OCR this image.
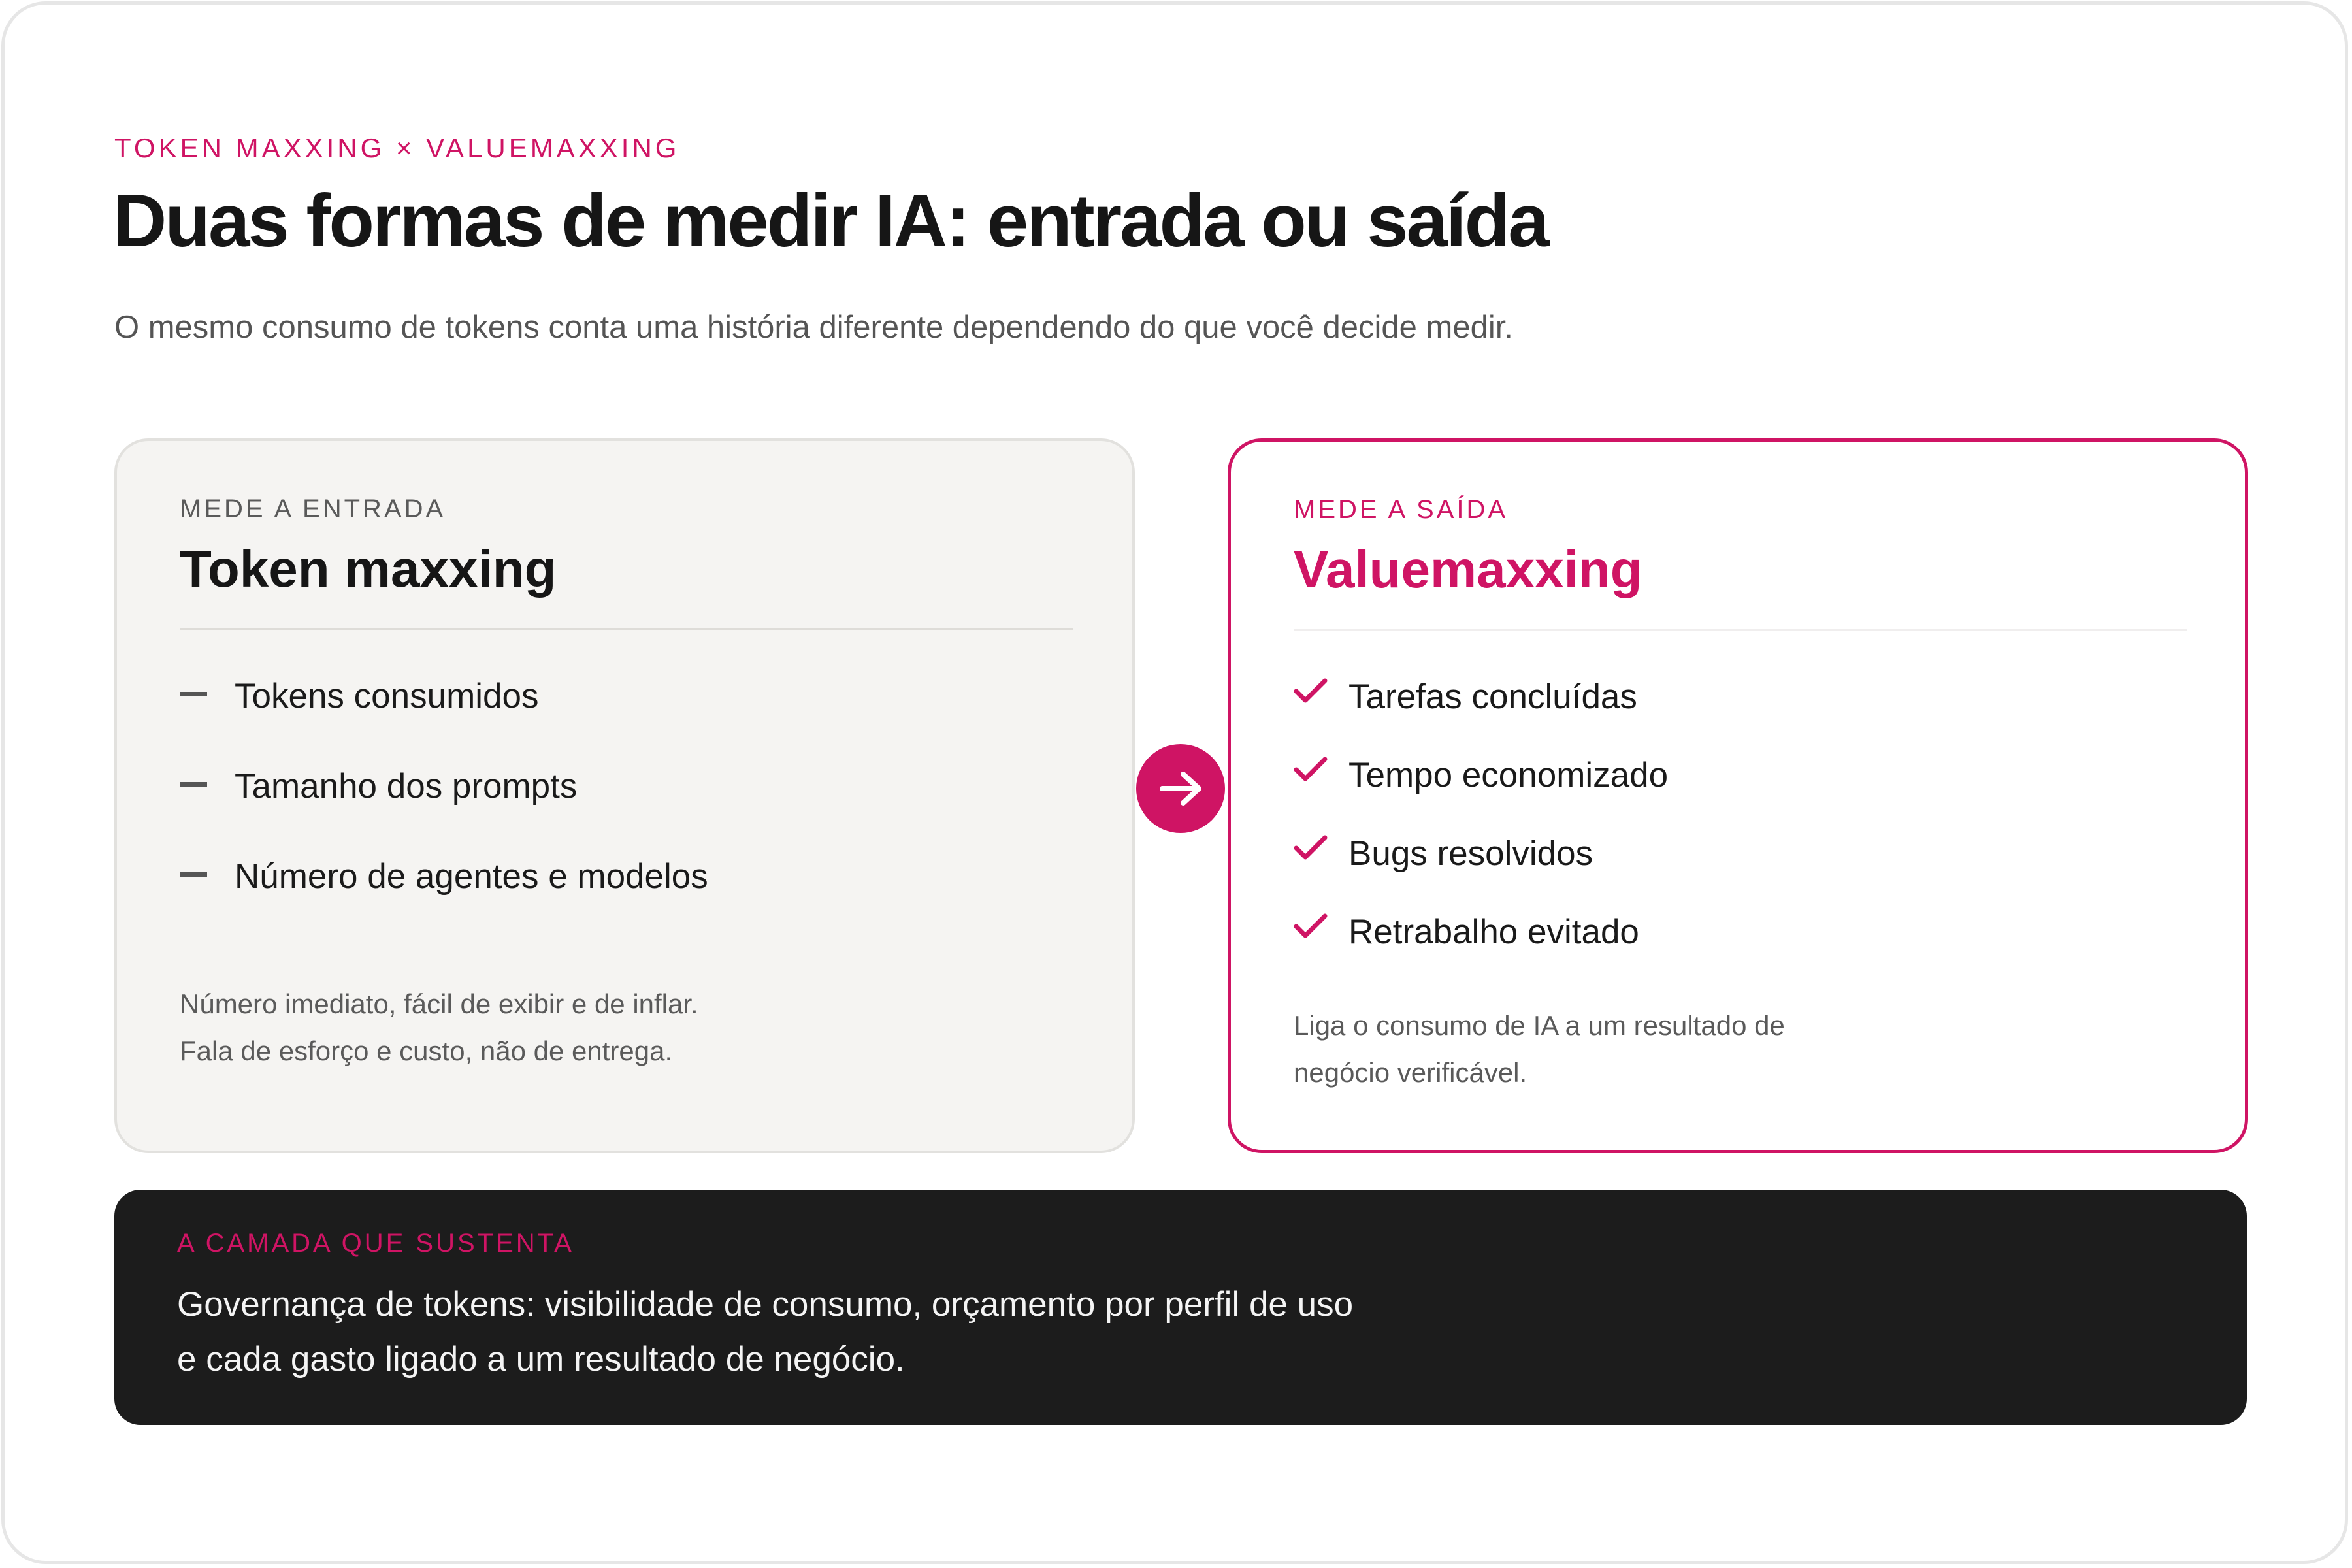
TOKEN MAXXING × VALUEMAXXING
Duas formas de medir IA: entrada ou saída
O mesmo consumo de tokens conta uma história diferente dependendo do que você decide medir.
MEDE A ENTRADA
Token maxxing
Tokens consumidos
Tamanho dos prompts
Número de agentes e modelos
Número imediato, fácil de exibir e de inflar.
Fala de esforço e custo, não de entrega.
MEDE A SAÍDA
Valuemaxxing
Tarefas concluídas
Tempo economizado
Bugs resolvidos
Retrabalho evitado
Liga o consumo de IA a um resultado de
negócio verificável.
A CAMADA QUE SUSTENTA
Governança de tokens: visibilidade de consumo, orçamento por perfil de uso
e cada gasto ligado a um resultado de negócio.
